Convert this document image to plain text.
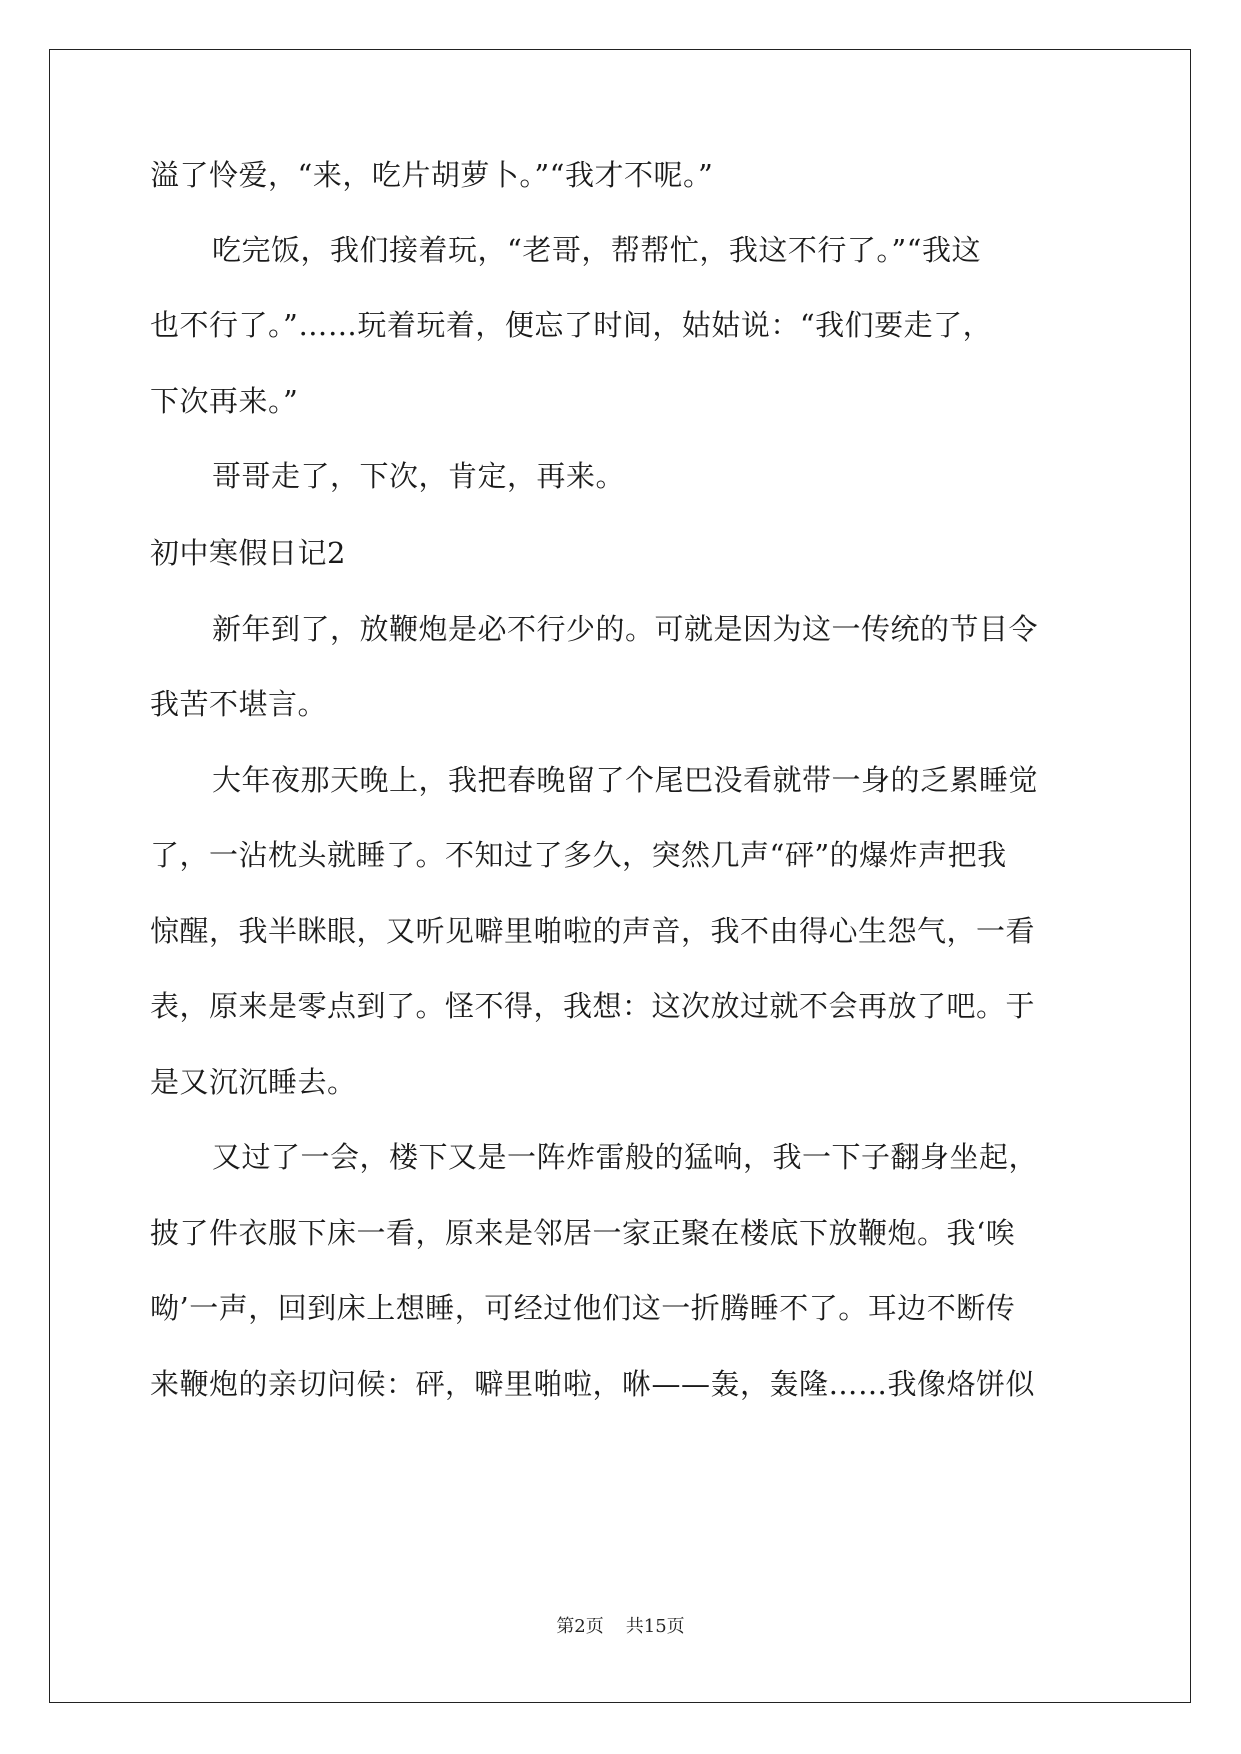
溢了怜爱，“来，吃片胡萝卜。”“我才不呢。”
吃完饭，我们接着玩，“老哥，帮帮忙，我这不行了。”“我这
也不行了。”……玩着玩着，便忘了时间，姑姑说：“我们要走了，
下次再来。”
哥哥走了，下次，肯定，再来。
初中寒假日记2
新年到了，放鞭炮是必不行少的。可就是因为这一传统的节目令
我苦不堪言。
大年夜那天晚上，我把春晚留了个尾巴没看就带一身的乏累睡觉
了，一沾枕头就睡了。不知过了多久，突然几声“砰”的爆炸声把我
惊醒，我半眯眼，又听见噼里啪啦的声音，我不由得心生怨气，一看
表，原来是零点到了。怪不得，我想：这次放过就不会再放了吧。于
是又沉沉睡去。
又过了一会，楼下又是一阵炸雷般的猛响，我一下子翻身坐起，
披了件衣服下床一看，原来是邻居一家正聚在楼底下放鞭炮。我‘唉
呦’一声，回到床上想睡，可经过他们这一折腾睡不了。耳边不断传
来鞭炮的亲切问候：砰，噼里啪啦，咻——轰，轰隆……我像烙饼似
第2页 共15页
